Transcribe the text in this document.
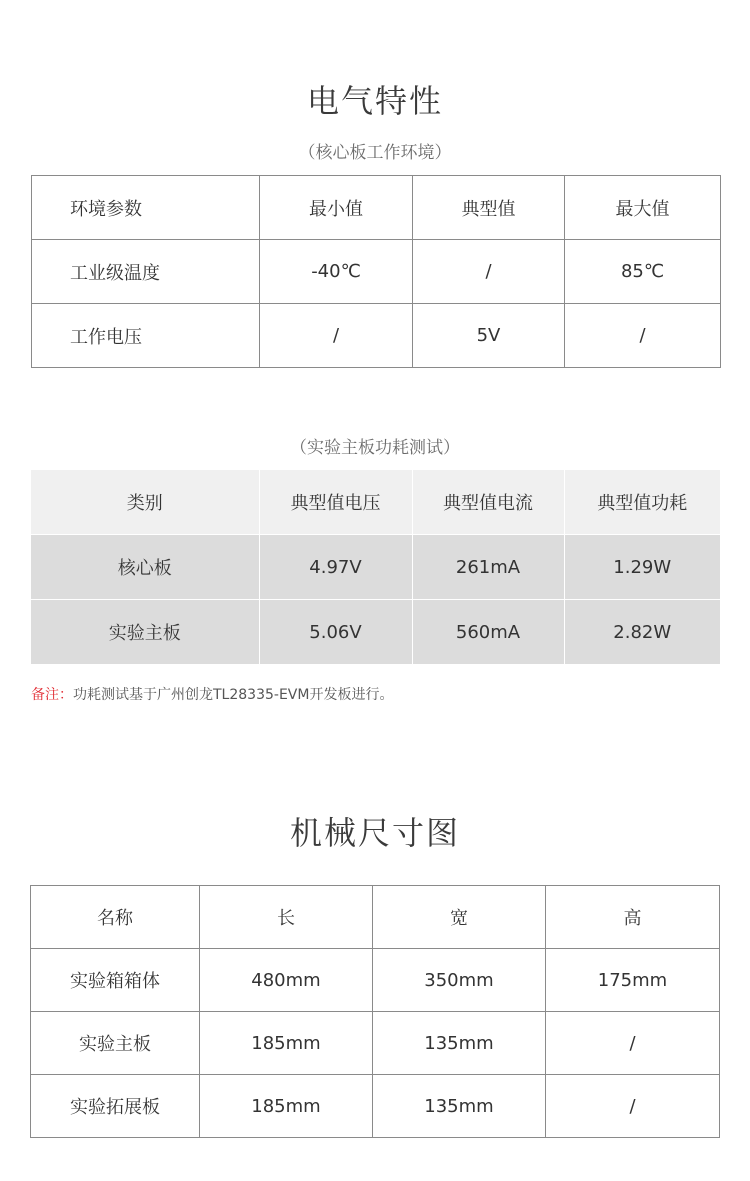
电气特性
（核心板工作环境）
环境参数	最小值	典型值	最大值
工业级温度	-40℃	/	85℃
工作电压	/	5V	/
（实验主板功耗测试）
类别	典型值电压	典型值电流	典型值功耗
核心板	4.97V	261mA	1.29W
实验主板	5.06V	560mA	2.82W
备注：功耗测试基于广州创龙TL28335-EVM开发板进行。
机械尺寸图
名称	长	宽	高
实验箱箱体	480mm	350mm	175mm
实验主板	185mm	135mm	/
实验拓展板	185mm	135mm	/
